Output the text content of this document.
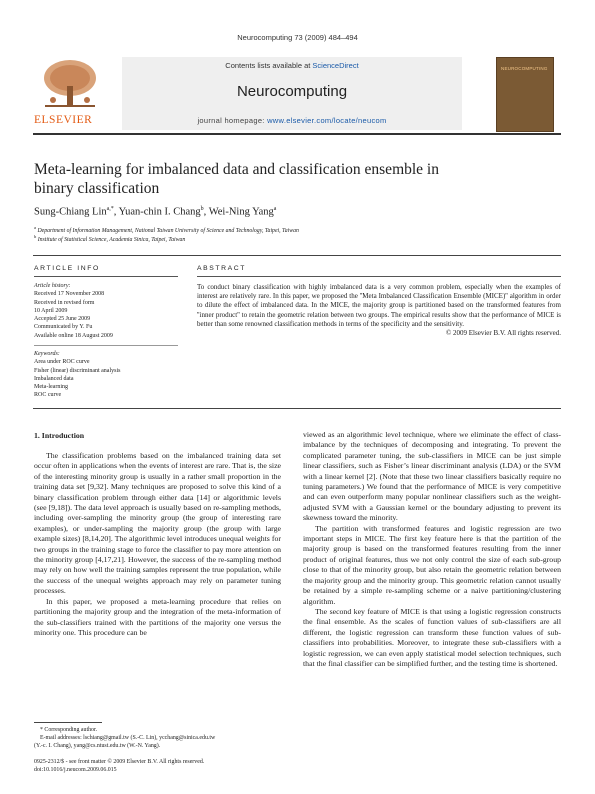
Neurocomputing 73 (2009) 484–494
ELSEVIER
Contents lists available at ScienceDirect
Neurocomputing
journal homepage: www.elsevier.com/locate/neucom
NEUROCOMPUTING
Meta-learning for imbalanced data and classification ensemble in
binary classification
Sung-Chiang Lin$^{a,*}$, Yuan-chin I. Chang$^b$, Wei-Ning Yang$^a$
$^a$ Department of Information Management, National Taiwan University of Science and Technology, Taipei, Taiwan
$^b$ Institute of Statistical Science, Academia Sinica, Taipei, Taiwan
ARTICLE INFO
Article history:
Received 17 November 2008
Received in revised form
10 April 2009
Accepted 25 June 2009
Communicated by Y. Fu
Available online 18 August 2009
Keywords:
Area under ROC curve
Fisher (linear) discriminant analysis
Imbalanced data
Meta-learning
ROC curve
ABSTRACT
To conduct binary classification with highly imbalanced data is a very common problem, especially when the examples of interest are relatively rare. In this paper, we proposed the ''Meta Imbalanced Classification Ensemble (MICE)'' algorithm in order to dilute the effect of imbalanced data. In the MICE, the majority group is partitioned based on the transformed features from ''inner product'' to retain the geometric relation between two groups. The empirical results show that the performance of MICE is better than some renowned classification methods in terms of the specificity and the sensitivity.
© 2009 Elsevier B.V. All rights reserved.
1. Introduction

The classification problems based on the imbalanced training data set occur often in applications when the events of interest are rare. That is, the size of the interesting minority group is usually in a rather small proportion in the training data set [9,32]. Many techniques are proposed to solve this kind of a binary classification problem through either data [14] or algorithmic levels (see [9,18]). The data level approach is usually based on re-sampling methods, including over-sampling the minority group (the group of interesting rare examples), or under-sampling the majority group (the group with large example sizes) [8,14,20]. The algorithmic level introduces unequal weights for two groups in the training stage to force the classifier to pay more attention on the minority group [4,17,21]. However, the success of the re-sampling method may rely on how well the training samples represent the true population, while the success of the unequal weights approach may rely on parameter tuning processes.

In this paper, we proposed a meta-learning procedure that relies on partitioning the majority group and the integration of the meta-information of the sub-classifiers trained with the partitions of the majority one versus the minority one. This procedure can be

viewed as an algorithmic level technique, where we eliminate the effect of class-imbalance by the techniques of decomposing and integrating. To prevent the complicated parameter tuning, the sub-classifiers in MICE can be just simple linear classifiers, such as Fisher’s linear discriminant analysis (LDA) or the SVM with a linear kernel [2]. (Note that these two linear classifiers basically require no tuning parameters.) We found that the performance of MICE is very competitive and can even outperform many popular nonlinear classifiers such as the weight-adjusted SVM with a Gaussian kernel or the boundary adjusting to prevent its skewness toward the minority.

The partition with transformed features and logistic regression are two important steps in MICE. The first key feature here is that the partition of the majority group is based on the transformed features resulting from the inner product of original features, thus we not only control the size of each sub-group close to that of the minority group, but also retain the geometric relation between the majority group and the minority group. This geometric relation cannot usually be retained by a simple re-sampling scheme or a naive partitioning/clustering algorithm.

The second key feature of MICE is that using a logistic regression constructs the final ensemble. As the scales of function values of sub-classifiers are all different, the logistic regression can transform these function values of sub-classifiers into probabilities. Moreover, to integrate these sub-classifiers with a logistic regression, we can even apply statistical model selection techniques, such that the final classifier can be simplified further, and the testing time is shortened.

* Corresponding author.
E-mail addresses: lschiang@gmail.tw (S.-C. Lin), ycchang@sinica.edu.tw
(Y.-c. I. Chang), yang@cs.ntust.edu.tw (W.-N. Yang).
0925-2312/$ - see front matter © 2009 Elsevier B.V. All rights reserved.
doi:10.1016/j.neucom.2009.06.015
